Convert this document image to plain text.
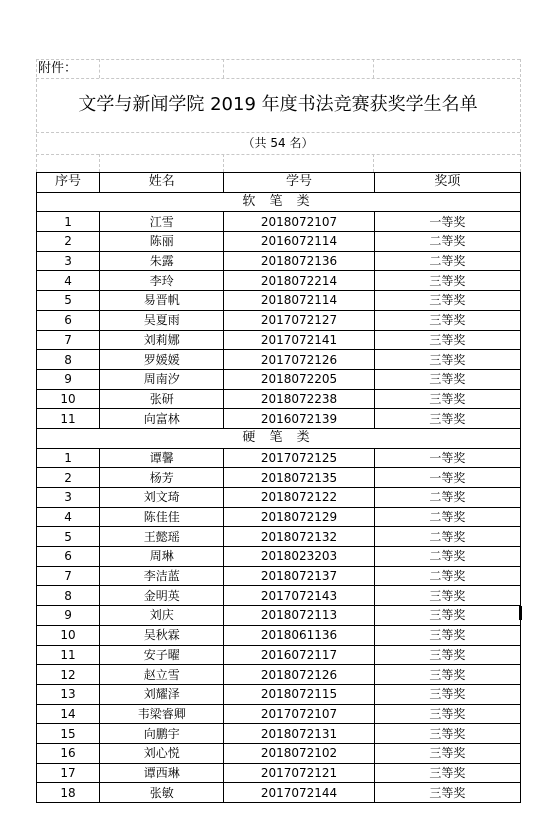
附件：
文学与新闻学院 2019 年度书法竞赛获奖学生名单
（共 54 名）
序号	姓名	学号	奖项
软 笔 类			
1	江雪	2018072107	一等奖
2	陈丽	2016072114	二等奖
3	朱露	2018072136	二等奖
4	李玲	2018072214	三等奖
5	易晋帆	2018072114	三等奖
6	吴夏雨	2017072127	三等奖
7	刘莉娜	2017072141	三等奖
8	罗媛媛	2017072126	三等奖
9	周南汐	2018072205	三等奖
10	张研	2018072238	三等奖
11	向富林	2016072139	三等奖
硬 笔 类			
1	谭馨	2017072125	一等奖
2	杨芳	2018072135	一等奖
3	刘文琦	2018072122	二等奖
4	陈佳佳	2018072129	二等奖
5	王懿瑶	2018072132	二等奖
6	周琳	2018023203	二等奖
7	李洁蓝	2018072137	二等奖
8	金明英	2017072143	三等奖
9	刘庆	2018072113	三等奖
10	吴秋霖	2018061136	三等奖
11	安子曜	2016072117	三等奖
12	赵立雪	2018072126	三等奖
13	刘耀泽	2018072115	三等奖
14	韦梁睿卿	2017072107	三等奖
15	向鹏宇	2018072131	三等奖
16	刘心悦	2018072102	三等奖
17	谭西琳	2017072121	三等奖
18	张敏	2017072144	三等奖
